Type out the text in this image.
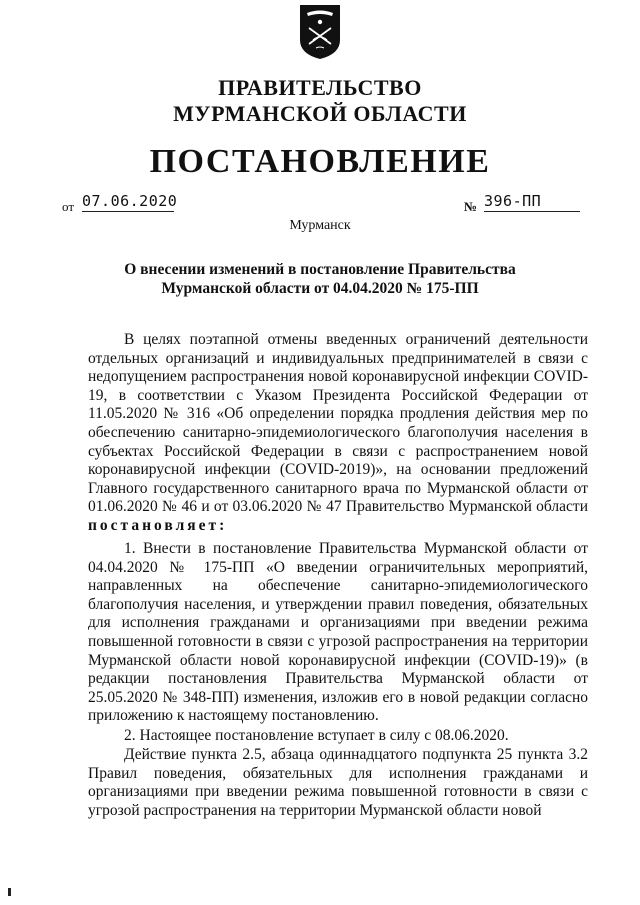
ПРАВИТЕЛЬСТВО
МУРМАНСКОЙ ОБЛАСТИ
ПОСТАНОВЛЕНИЕ
от 07.06.2020	№ 396-ПП
Мурманск
О внесении изменений в постановление Правительства
Мурманской области от 04.04.2020 № 175-ПП
В целях поэтапной отмены введенных ограничений деятельности отдельных организаций и индивидуальных предпринимателей в связи с недопущением распространения новой коронавирусной инфекции COVID-19, в соответствии с Указом Президента Российской Федерации от 11.05.2020 № 316 «Об определении порядка продления действия мер по обеспечению санитарно-эпидемиологического благополучия населения в субъектах Российской Федерации в связи с распространением новой коронавирусной инфекции (COVID-2019)», на основании предложений Главного государственного санитарного врача по Мурманской области от 01.06.2020 № 46 и от 03.06.2020 № 47 Правительство Мурманской области постановляет:
1. Внести в постановление Правительства Мурманской области от 04.04.2020 № 175-ПП «О введении ограничительных мероприятий, направленных на обеспечение санитарно-эпидемиологического благополучия населения, и утверждении правил поведения, обязательных для исполнения гражданами и организациями при введении режима повышенной готовности в связи с угрозой распространения на территории Мурманской области новой коронавирусной инфекции (COVID-19)» (в редакции постановления Правительства Мурманской области от 25.05.2020 № 348-ПП) изменения, изложив его в новой редакции согласно приложению к настоящему постановлению.
2. Настоящее постановление вступает в силу с 08.06.2020.
Действие пункта 2.5, абзаца одиннадцатого подпункта 25 пункта 3.2 Правил поведения, обязательных для исполнения гражданами и организациями при введении режима повышенной готовности в связи с угрозой распространения на территории Мурманской области новой
